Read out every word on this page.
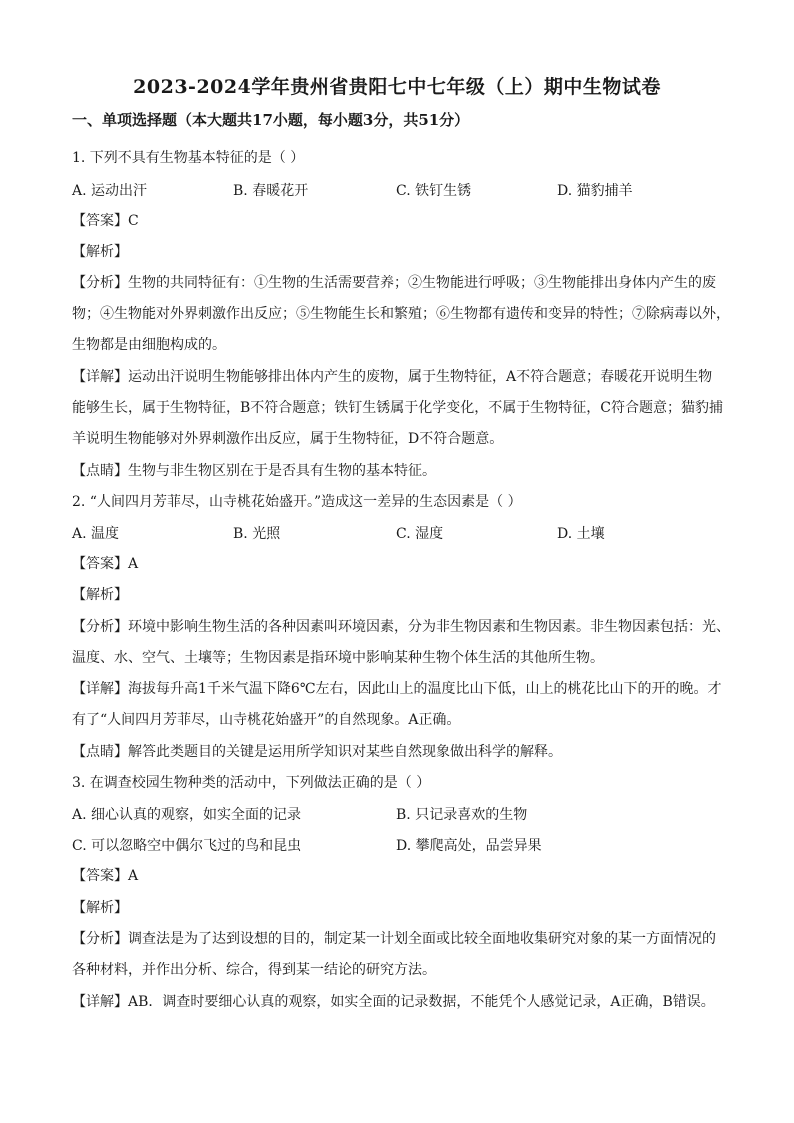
2023-2024学年贵州省贵阳七中七年级（上）期中生物试卷
一、单项选择题（本大题共17小题，每小题3分，共51分）
1. 下列不具有生物基本特征的是（ ）
A. 运动出汗	B. 春暖花开	C. 铁钉生锈	D. 猫豹捕羊
【答案】C
【解析】
【分析】生物的共同特征有：①生物的生活需要营养；②生物能进行呼吸；③生物能排出身体内产生的废
物；④生物能对外界刺激作出反应；⑤生物能生长和繁殖；⑥生物都有遗传和变异的特性；⑦除病毒以外，
生物都是由细胞构成的。
【详解】运动出汗说明生物能够排出体内产生的废物，属于生物特征，A不符合题意；春暖花开说明生物
能够生长，属于生物特征，B不符合题意；铁钉生锈属于化学变化，不属于生物特征，C符合题意；猫豹捕
羊说明生物能够对外界刺激作出反应，属于生物特征，D不符合题意。
【点睛】生物与非生物区别在于是否具有生物的基本特征。
2. “人间四月芳菲尽，山寺桃花始盛开。”造成这一差异的生态因素是（ ）
A. 温度	B. 光照	C. 湿度	D. 土壤
【答案】A
【解析】
【分析】环境中影响生物生活的各种因素叫环境因素，分为非生物因素和生物因素。非生物因素包括：光、
温度、水、空气、土壤等；生物因素是指环境中影响某种生物个体生活的其他所生物。
【详解】海拔每升高1千米气温下降6℃左右，因此山上的温度比山下低，山上的桃花比山下的开的晚。才
有了“人间四月芳菲尽，山寺桃花始盛开”的自然现象。A正确。
【点睛】解答此类题目的关键是运用所学知识对某些自然现象做出科学的解释。
3. 在调查校园生物种类的活动中，下列做法正确的是（ ）
A. 细心认真的观察，如实全面的记录	B. 只记录喜欢的生物
C. 可以忽略空中偶尔飞过的鸟和昆虫	D. 攀爬高处，品尝异果
【答案】A
【解析】
【分析】调查法是为了达到设想的目的，制定某一计划全面或比较全面地收集研究对象的某一方面情况的
各种材料，并作出分析、综合，得到某一结论的研究方法。
【详解】AB．调查时要细心认真的观察，如实全面的记录数据，不能凭个人感觉记录，A正确，B错误。
